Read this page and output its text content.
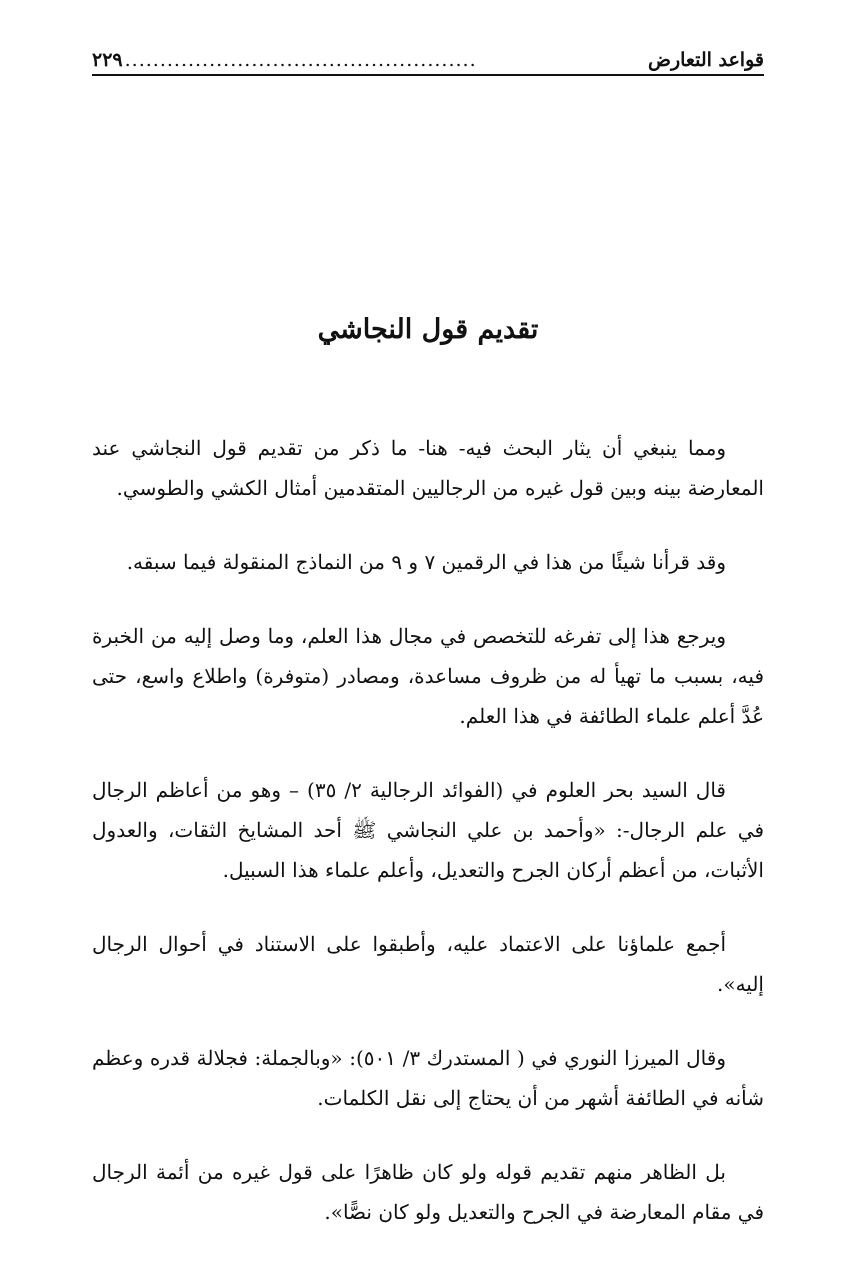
قواعد التعارض
..................................................
٢٢٩
تقديم قول النجاشي

ومما ينبغي أن يثار البحث فيه- هنا- ما ذكر من تقديم قول النجاشي عند المعارضة بينه وبين قول غيره من الرجاليين المتقدمين أمثال الكشي والطوسي.

وقد قرأنا شيئًا من هذا في الرقمين ٧ و ٩ من النماذج المنقولة فيما سبقه.

ويرجع هذا إلى تفرغه للتخصص في مجال هذا العلم، وما وصل إليه من الخبرة فيه، بسبب ما تهيأ له من ظروف مساعدة، ومصادر (متوفرة) واطلاع واسع، حتى عُدَّ أعلم علماء الطائفة في هذا العلم.

قال السيد بحر العلوم في (الفوائد الرجالية ٢/ ٣٥) – وهو من أعاظم الرجال في علم الرجال-: «وأحمد بن علي النجاشي ﷺ أحد المشايخ الثقات، والعدول الأثبات، من أعظم أركان الجرح والتعديل، وأعلم علماء هذا السبيل.

أجمع علماؤنا على الاعتماد عليه، وأطبقوا على الاستناد في أحوال الرجال إليه».

وقال الميرزا النوري في ( المستدرك ٣/ ٥٠١): «وبالجملة: فجلالة قدره وعظم شأنه في الطائفة أشهر من أن يحتاج إلى نقل الكلمات.

بل الظاهر منهم تقديم قوله ولو كان ظاهرًا على قول غيره من أئمة الرجال في مقام المعارضة في الجرح والتعديل ولو كان نصًّا».
